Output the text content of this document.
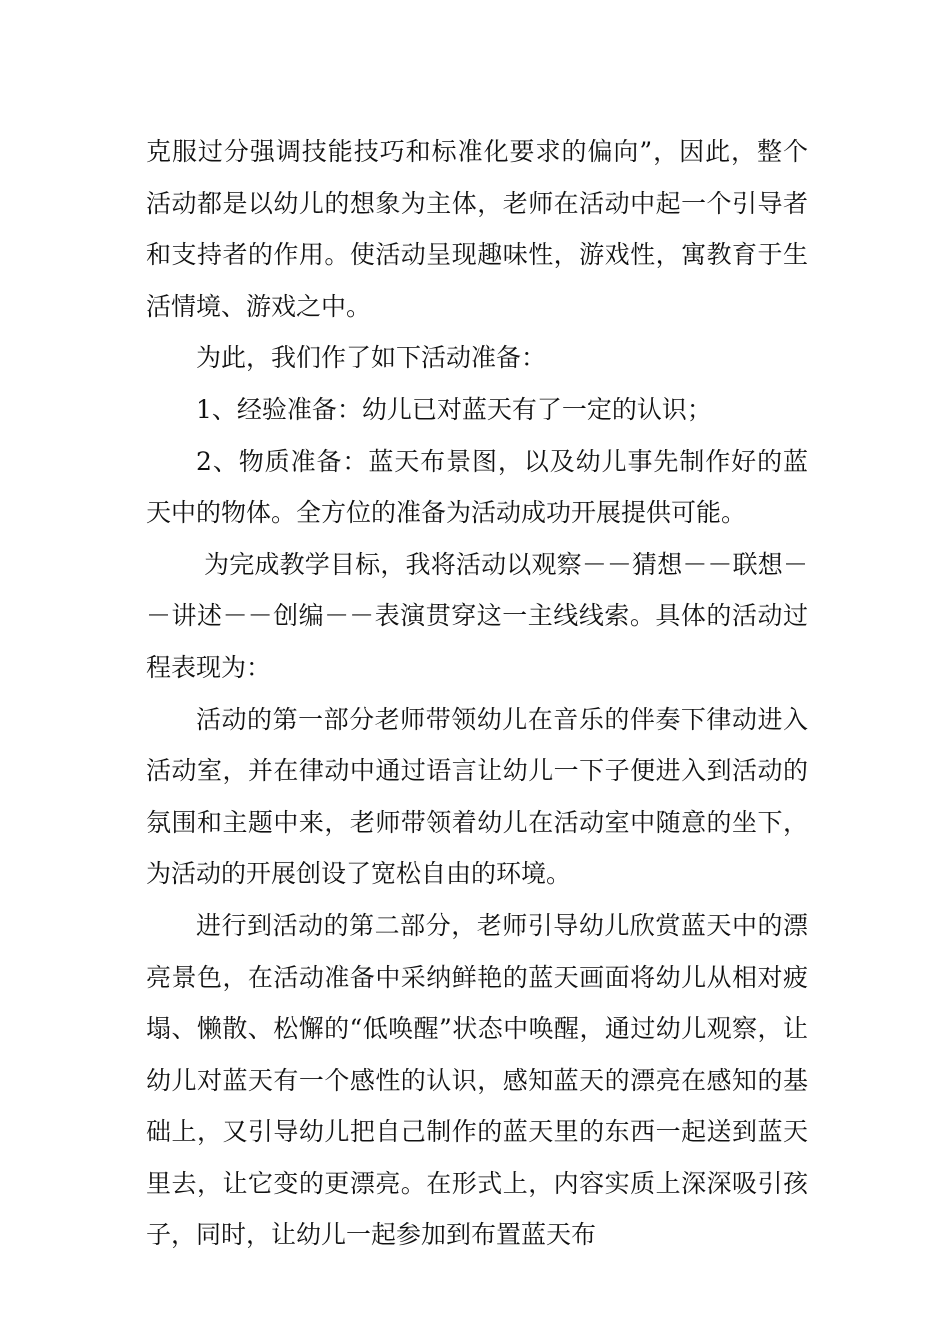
克服过分强调技能技巧和标准化要求的偏向”，因此，整个活动都是以幼儿的想象为主体，老师在活动中起一个引导者和支持者的作用。使活动呈现趣味性，游戏性，寓教育于生活情境、游戏之中。

为此，我们作了如下活动准备：

1、经验准备：幼儿已对蓝天有了一定的认识；

2、物质准备：蓝天布景图，以及幼儿事先制作好的蓝天中的物体。全方位的准备为活动成功开展提供可能。

为完成教学目标，我将活动以观察－－猜想－－联想－－讲述－－创编－－表演贯穿这一主线线索。具体的活动过程表现为：

活动的第一部分老师带领幼儿在音乐的伴奏下律动进入活动室，并在律动中通过语言让幼儿一下子便进入到活动的氛围和主题中来，老师带领着幼儿在活动室中随意的坐下，为活动的开展创设了宽松自由的环境。

进行到活动的第二部分，老师引导幼儿欣赏蓝天中的漂亮景色，在活动准备中采纳鲜艳的蓝天画面将幼儿从相对疲塌、懒散、松懈的“低唤醒”状态中唤醒，通过幼儿观察，让幼儿对蓝天有一个感性的认识，感知蓝天的漂亮在感知的基础上，又引导幼儿把自己制作的蓝天里的东西一起送到蓝天里去，让它变的更漂亮。在形式上，内容实质上深深吸引孩子，同时，让幼儿一起参加到布置蓝天布
